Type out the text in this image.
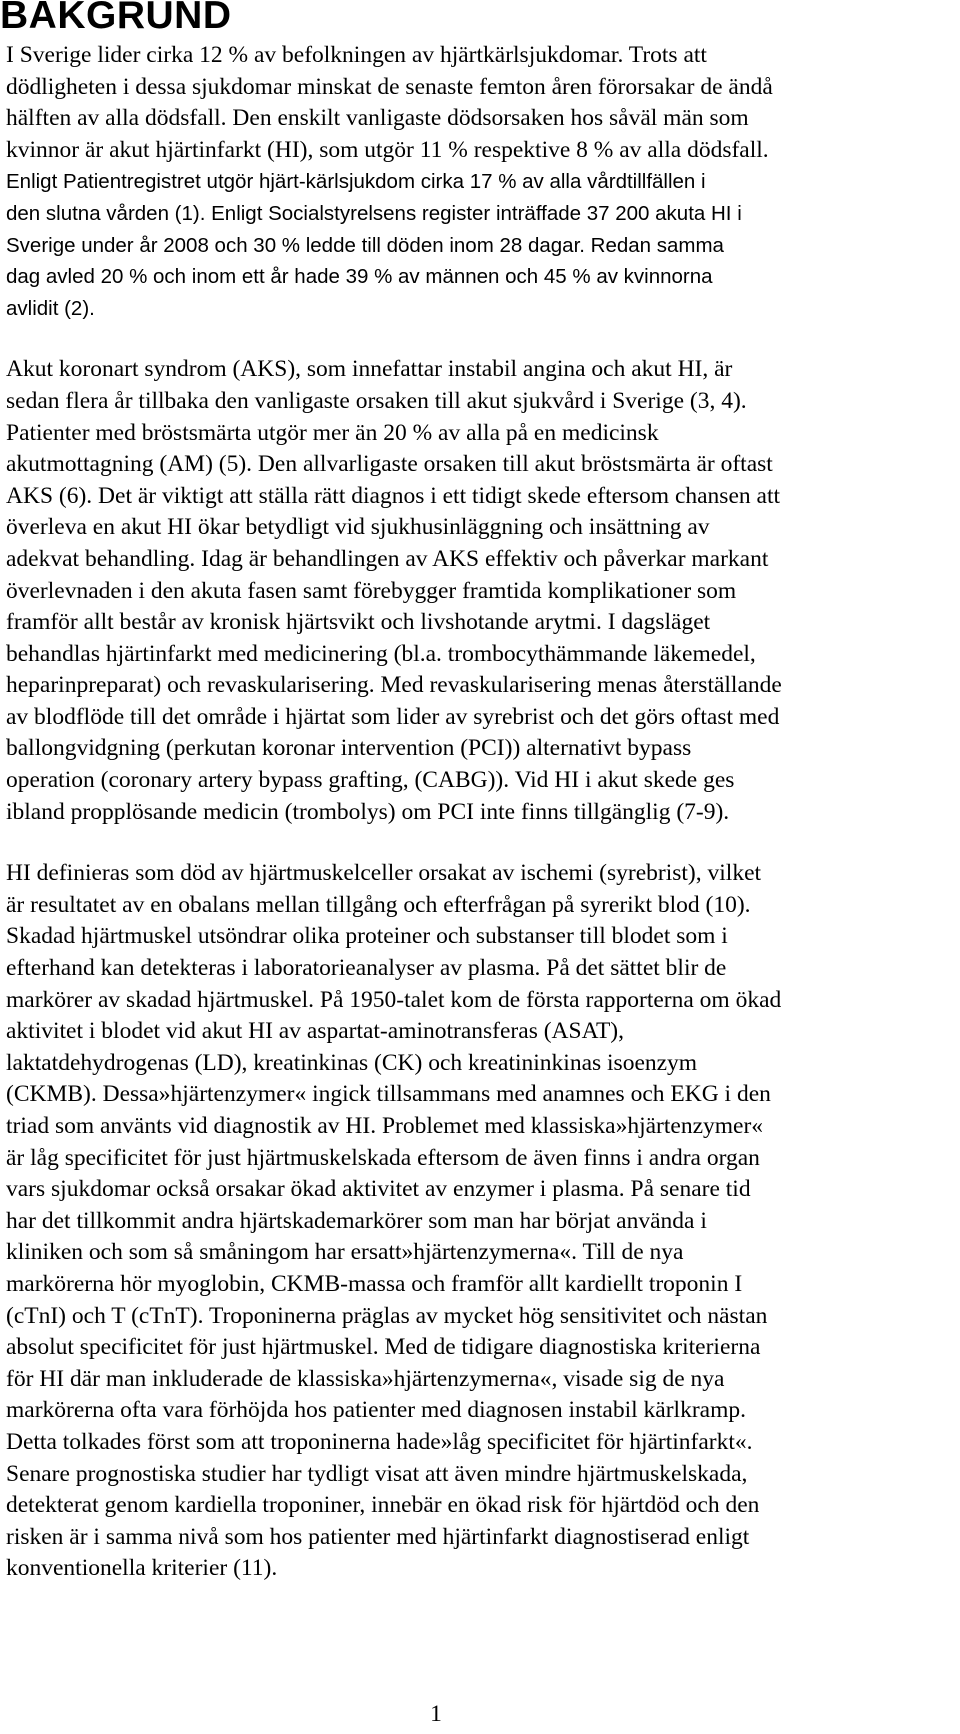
BAKGRUND
I Sverige lider cirka 12 % av befolkningen av hjärtkärlsjukdomar. Trots att
dödligheten i dessa sjukdomar minskat de senaste femton åren förorsakar de ändå
hälften av alla dödsfall. Den enskilt vanligaste dödsorsaken hos såväl män som
kvinnor är akut hjärtinfarkt (HI), som utgör 11 % respektive 8 % av alla dödsfall.
Enligt Patientregistret utgör hjärt-kärlsjukdom cirka 17 % av alla vårdtillfällen i
den slutna vården (1). Enligt Socialstyrelsens register inträffade 37 200 akuta HI i
Sverige under år 2008 och 30 % ledde till döden inom 28 dagar. Redan samma
dag avled 20 % och inom ett år hade 39 % av männen och 45 % av kvinnorna
avlidit (2).
Akut koronart syndrom (AKS), som innefattar instabil angina och akut HI, är
sedan flera år tillbaka den vanligaste orsaken till akut sjukvård i Sverige (3, 4).
Patienter med bröstsmärta utgör mer än 20 % av alla på en medicinsk
akutmottagning (AM) (5). Den allvarligaste orsaken till akut bröstsmärta är oftast
AKS (6). Det är viktigt att ställa rätt diagnos i ett tidigt skede eftersom chansen att
överleva en akut HI ökar betydligt vid sjukhusinläggning och insättning av
adekvat behandling. Idag är behandlingen av AKS effektiv och påverkar markant
överlevnaden i den akuta fasen samt förebygger framtida komplikationer som
framför allt består av kronisk hjärtsvikt och livshotande arytmi. I dagsläget
behandlas hjärtinfarkt med medicinering (bl.a. trombocythämmande läkemedel,
heparinpreparat) och revaskularisering. Med revaskularisering menas återställande
av blodflöde till det område i hjärtat som lider av syrebrist och det görs oftast med
ballongvidgning (perkutan koronar intervention (PCI)) alternativt bypass
operation (coronary artery bypass grafting, (CABG)). Vid HI i akut skede ges
ibland propplösande medicin (trombolys) om PCI inte finns tillgänglig (7-9).
HI definieras som död av hjärtmuskelceller orsakat av ischemi (syrebrist), vilket
är resultatet av en obalans mellan tillgång och efterfrågan på syrerikt blod (10).
Skadad hjärtmuskel utsöndrar olika proteiner och substanser till blodet som i
efterhand kan detekteras i laboratorieanalyser av plasma. På det sättet blir de
markörer av skadad hjärtmuskel. På 1950-talet kom de första rapporterna om ökad
aktivitet i blodet vid akut HI av aspartat-aminotransferas (ASAT),
laktatdehydrogenas (LD), kreatinkinas (CK) och kreatininkinas isoenzym
(CKMB). Dessa»hjärtenzymer« ingick tillsammans med anamnes och EKG i den
triad som använts vid diagnostik av HI. Problemet med klassiska»hjärtenzymer«
är låg specificitet för just hjärtmuskelskada eftersom de även finns i andra organ
vars sjukdomar också orsakar ökad aktivitet av enzymer i plasma. På senare tid
har det tillkommit andra hjärtskademarkörer som man har börjat använda i
kliniken och som så småningom har ersatt»hjärtenzymerna«. Till de nya
markörerna hör myoglobin, CKMB-massa och framför allt kardiellt troponin I
(cTnI) och T (cTnT). Troponinerna präglas av mycket hög sensitivitet och nästan
absolut specificitet för just hjärtmuskel. Med de tidigare diagnostiska kriterierna
för HI där man inkluderade de klassiska»hjärtenzymerna«, visade sig de nya
markörerna ofta vara förhöjda hos patienter med diagnosen instabil kärlkramp.
Detta tolkades först som att troponinerna hade»låg specificitet för hjärtinfarkt«.
Senare prognostiska studier har tydligt visat att även mindre hjärtmuskelskada,
detekterat genom kardiella troponiner, innebär en ökad risk för hjärtdöd och den
risken är i samma nivå som hos patienter med hjärtinfarkt diagnostiserad enligt
konventionella kriterier (11).
1
